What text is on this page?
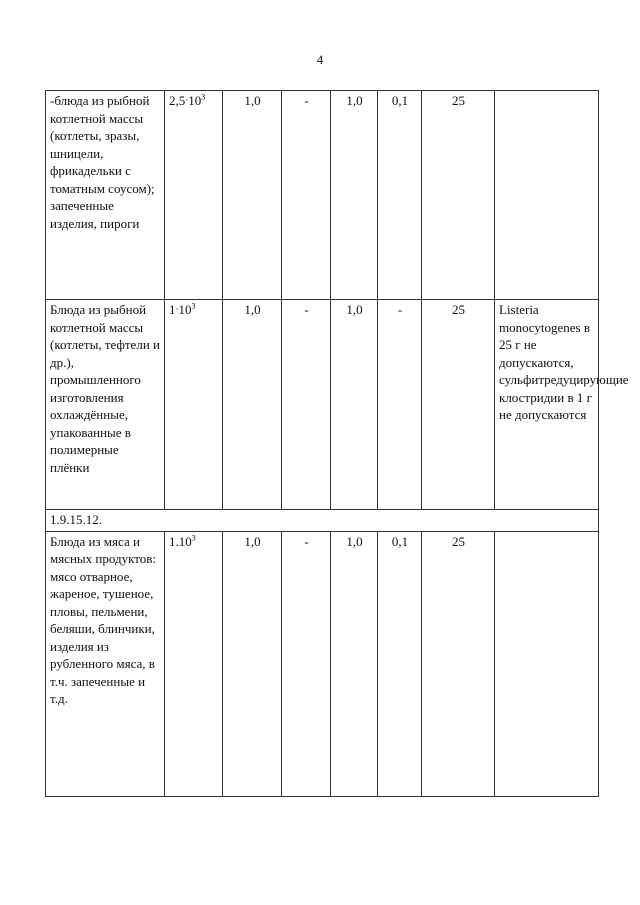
4
-блюда из рыбной котлетной массы (котлеты, зразы, шницели, фрикадельки с томатным соусом); запеченные изделия, пироги	$2,5\cdot 10^3$	1,0	-	1,0	0,1	25	
Блюда из рыбной котлетной массы (котлеты, тефтели и др.), промышленного изготовления охлаждённые, упакованные в полимерные плёнки	$1\cdot 10^3$	1,0	-	1,0	-	25	Listeria monocytogenes в 25 г не допускаются, сульфитредуцирующие клостридии в 1 г не допускаются
1.9.15.12.							
Блюда из мяса и мясных продуктов: мясо отварное, жареное, тушеное, пловы, пельмени, беляши, блинчики, изделия из рубленного мяса, в т.ч. запеченные и т.д.	1.10$^3$	1,0	-	1,0	0,1	25	
